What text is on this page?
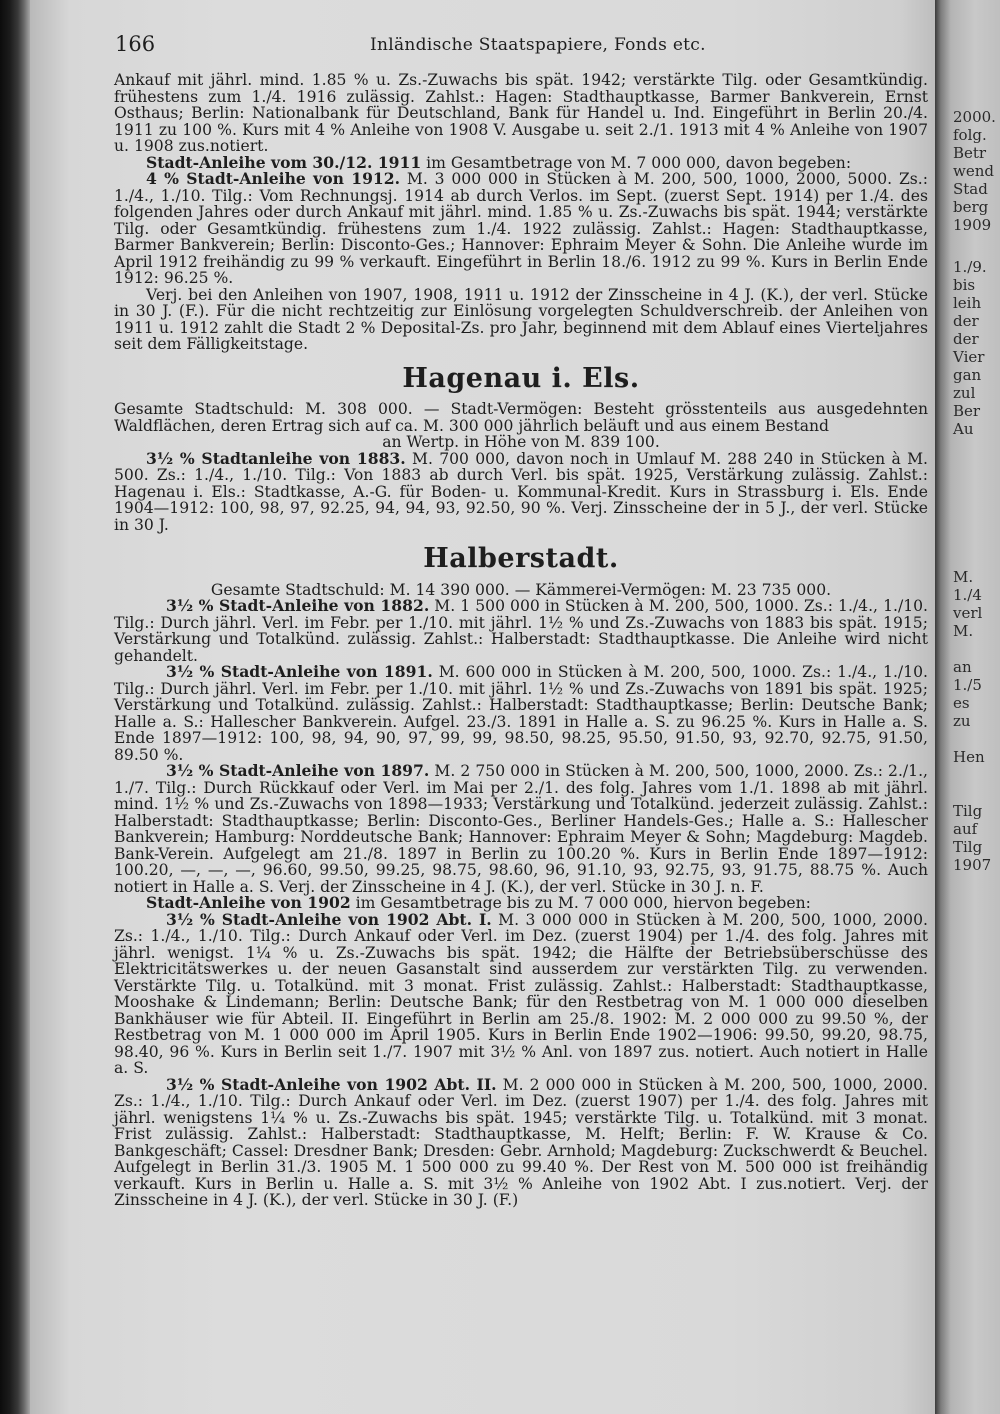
166	Inländische Staatspapiere, Fonds etc.

Ankauf mit jährl. mind. 1.85 % u. Zs.-Zuwachs bis spät. 1942; verstärkte Tilg. oder Gesamtkündig. frühestens zum 1./4. 1916 zulässig. Zahlst.: Hagen: Stadthauptkasse, Barmer Bankverein, Ernst Osthaus; Berlin: Nationalbank für Deutschland, Bank für Handel u. Ind. Eingeführt in Berlin 20./4. 1911 zu 100 %. Kurs mit 4 % Anleihe von 1908 V. Ausgabe u. seit 2./1. 1913 mit 4 % Anleihe von 1907 u. 1908 zus.notiert.

Stadt-Anleihe vom 30./12. 1911 im Gesamtbetrage von M. 7 000 000, davon begeben:

4 % Stadt-Anleihe von 1912. M. 3 000 000 in Stücken à M. 200, 500, 1000, 2000, 5000. Zs.: 1./4., 1./10. Tilg.: Vom Rechnungsj. 1914 ab durch Verlos. im Sept. (zuerst Sept. 1914) per 1./4. des folgenden Jahres oder durch Ankauf mit jährl. mind. 1.85 % u. Zs.-Zuwachs bis spät. 1944; verstärkte Tilg. oder Gesamtkündig. frühestens zum 1./4. 1922 zulässig. Zahlst.: Hagen: Stadthauptkasse, Barmer Bankverein; Berlin: Disconto-Ges.; Hannover: Ephraim Meyer & Sohn. Die Anleihe wurde im April 1912 freihändig zu 99 % verkauft. Eingeführt in Berlin 18./6. 1912 zu 99 %. Kurs in Berlin Ende 1912: 96.25 %.

Verj. bei den Anleihen von 1907, 1908, 1911 u. 1912 der Zinsscheine in 4 J. (K.), der verl. Stücke in 30 J. (F.). Für die nicht rechtzeitig zur Einlösung vorgelegten Schuldverschreib. der Anleihen von 1911 u. 1912 zahlt die Stadt 2 % Deposital-Zs. pro Jahr, beginnend mit dem Ablauf eines Vierteljahres seit dem Fälligkeitstage.

Hagenau i. Els.

Gesamte Stadtschuld: M. 308 000. — Stadt-Vermögen: Besteht grösstenteils aus ausgedehnten Waldflächen, deren Ertrag sich auf ca. M. 300 000 jährlich beläuft und aus einem Bestand

an Wertp. in Höhe von M. 839 100.

3½ % Stadtanleihe von 1883. M. 700 000, davon noch in Umlauf M. 288 240 in Stücken à M. 500. Zs.: 1./4., 1./10. Tilg.: Von 1883 ab durch Verl. bis spät. 1925, Verstärkung zulässig. Zahlst.: Hagenau i. Els.: Stadtkasse, A.-G. für Boden- u. Kommunal-Kredit. Kurs in Strassburg i. Els. Ende 1904—1912: 100, 98, 97, 92.25, 94, 94, 93, 92.50, 90 %. Verj. Zinsscheine der in 5 J., der verl. Stücke in 30 J.

Halberstadt.

Gesamte Stadtschuld: M. 14 390 000. — Kämmerei-Vermögen: M. 23 735 000.

3½ % Stadt-Anleihe von 1882. M. 1 500 000 in Stücken à M. 200, 500, 1000. Zs.: 1./4., 1./10. Tilg.: Durch jährl. Verl. im Febr. per 1./10. mit jährl. 1½ % und Zs.-Zuwachs von 1883 bis spät. 1915; Verstärkung und Totalkünd. zulässig. Zahlst.: Halberstadt: Stadthauptkasse. Die Anleihe wird nicht gehandelt.

3½ % Stadt-Anleihe von 1891. M. 600 000 in Stücken à M. 200, 500, 1000. Zs.: 1./4., 1./10. Tilg.: Durch jährl. Verl. im Febr. per 1./10. mit jährl. 1½ % und Zs.-Zuwachs von 1891 bis spät. 1925; Verstärkung und Totalkünd. zulässig. Zahlst.: Halberstadt: Stadthauptkasse; Berlin: Deutsche Bank; Halle a. S.: Hallescher Bankverein. Aufgel. 23./3. 1891 in Halle a. S. zu 96.25 %. Kurs in Halle a. S. Ende 1897—1912: 100, 98, 94, 90, 97, 99, 99, 98.50, 98.25, 95.50, 91.50, 93, 92.70, 92.75, 91.50, 89.50 %.

3½ % Stadt-Anleihe von 1897. M. 2 750 000 in Stücken à M. 200, 500, 1000, 2000. Zs.: 2./1., 1./7. Tilg.: Durch Rückkauf oder Verl. im Mai per 2./1. des folg. Jahres vom 1./1. 1898 ab mit jährl. mind. 1½ % und Zs.-Zuwachs von 1898—1933; Verstärkung und Totalkünd. jederzeit zulässig. Zahlst.: Halberstadt: Stadthauptkasse; Berlin: Disconto-Ges., Berliner Handels-Ges.; Halle a. S.: Hallescher Bankverein; Hamburg: Norddeutsche Bank; Hannover: Ephraim Meyer & Sohn; Magdeburg: Magdeb. Bank-Verein. Aufgelegt am 21./8. 1897 in Berlin zu 100.20 %. Kurs in Berlin Ende 1897—1912: 100.20, —, —, —, 96.60, 99.50, 99.25, 98.75, 98.60, 96, 91.10, 93, 92.75, 93, 91.75, 88.75 %. Auch notiert in Halle a. S. Verj. der Zinsscheine in 4 J. (K.), der verl. Stücke in 30 J. n. F.

Stadt-Anleihe von 1902 im Gesamtbetrage bis zu M. 7 000 000, hiervon begeben:

3½ % Stadt-Anleihe von 1902 Abt. I. M. 3 000 000 in Stücken à M. 200, 500, 1000, 2000. Zs.: 1./4., 1./10. Tilg.: Durch Ankauf oder Verl. im Dez. (zuerst 1904) per 1./4. des folg. Jahres mit jährl. wenigst. 1¼ % u. Zs.-Zuwachs bis spät. 1942; die Hälfte der Betriebsüberschüsse des Elektricitätswerkes u. der neuen Gasanstalt sind ausserdem zur verstärkten Tilg. zu verwenden. Verstärkte Tilg. u. Totalkünd. mit 3 monat. Frist zulässig. Zahlst.: Halberstadt: Stadthauptkasse, Mooshake & Lindemann; Berlin: Deutsche Bank; für den Restbetrag von M. 1 000 000 dieselben Bankhäuser wie für Abteil. II. Eingeführt in Berlin am 25./8. 1902: M. 2 000 000 zu 99.50 %, der Restbetrag von M. 1 000 000 im April 1905. Kurs in Berlin Ende 1902—1906: 99.50, 99.20, 98.75, 98.40, 96 %. Kurs in Berlin seit 1./7. 1907 mit 3½ % Anl. von 1897 zus. notiert. Auch notiert in Halle a. S.

3½ % Stadt-Anleihe von 1902 Abt. II. M. 2 000 000 in Stücken à M. 200, 500, 1000, 2000. Zs.: 1./4., 1./10. Tilg.: Durch Ankauf oder Verl. im Dez. (zuerst 1907) per 1./4. des folg. Jahres mit jährl. wenigstens 1¼ % u. Zs.-Zuwachs bis spät. 1945; verstärkte Tilg. u. Totalkünd. mit 3 monat. Frist zulässig. Zahlst.: Halberstadt: Stadthauptkasse, M. Helft; Berlin: F. W. Krause & Co. Bankgeschäft; Cassel: Dresdner Bank; Dresden: Gebr. Arnhold; Magdeburg: Zuckschwerdt & Beuchel. Aufgelegt in Berlin 31./3. 1905 M. 1 500 000 zu 99.40 %. Der Rest von M. 500 000 ist freihändig verkauft. Kurs in Berlin u. Halle a. S. mit 3½ % Anleihe von 1902 Abt. I zus.notiert. Verj. der Zinsscheine in 4 J. (K.), der verl. Stücke in 30 J. (F.)

2000.
folg.
Betr
wend
Stad
berg
1909
1./9.
bis
leih
der
der
Vier
gan
zul
Ber
Au
M.
1./4
verl
M.
an
1./5
es
zu
Hen
Tilg
auf
Tilg
1907
